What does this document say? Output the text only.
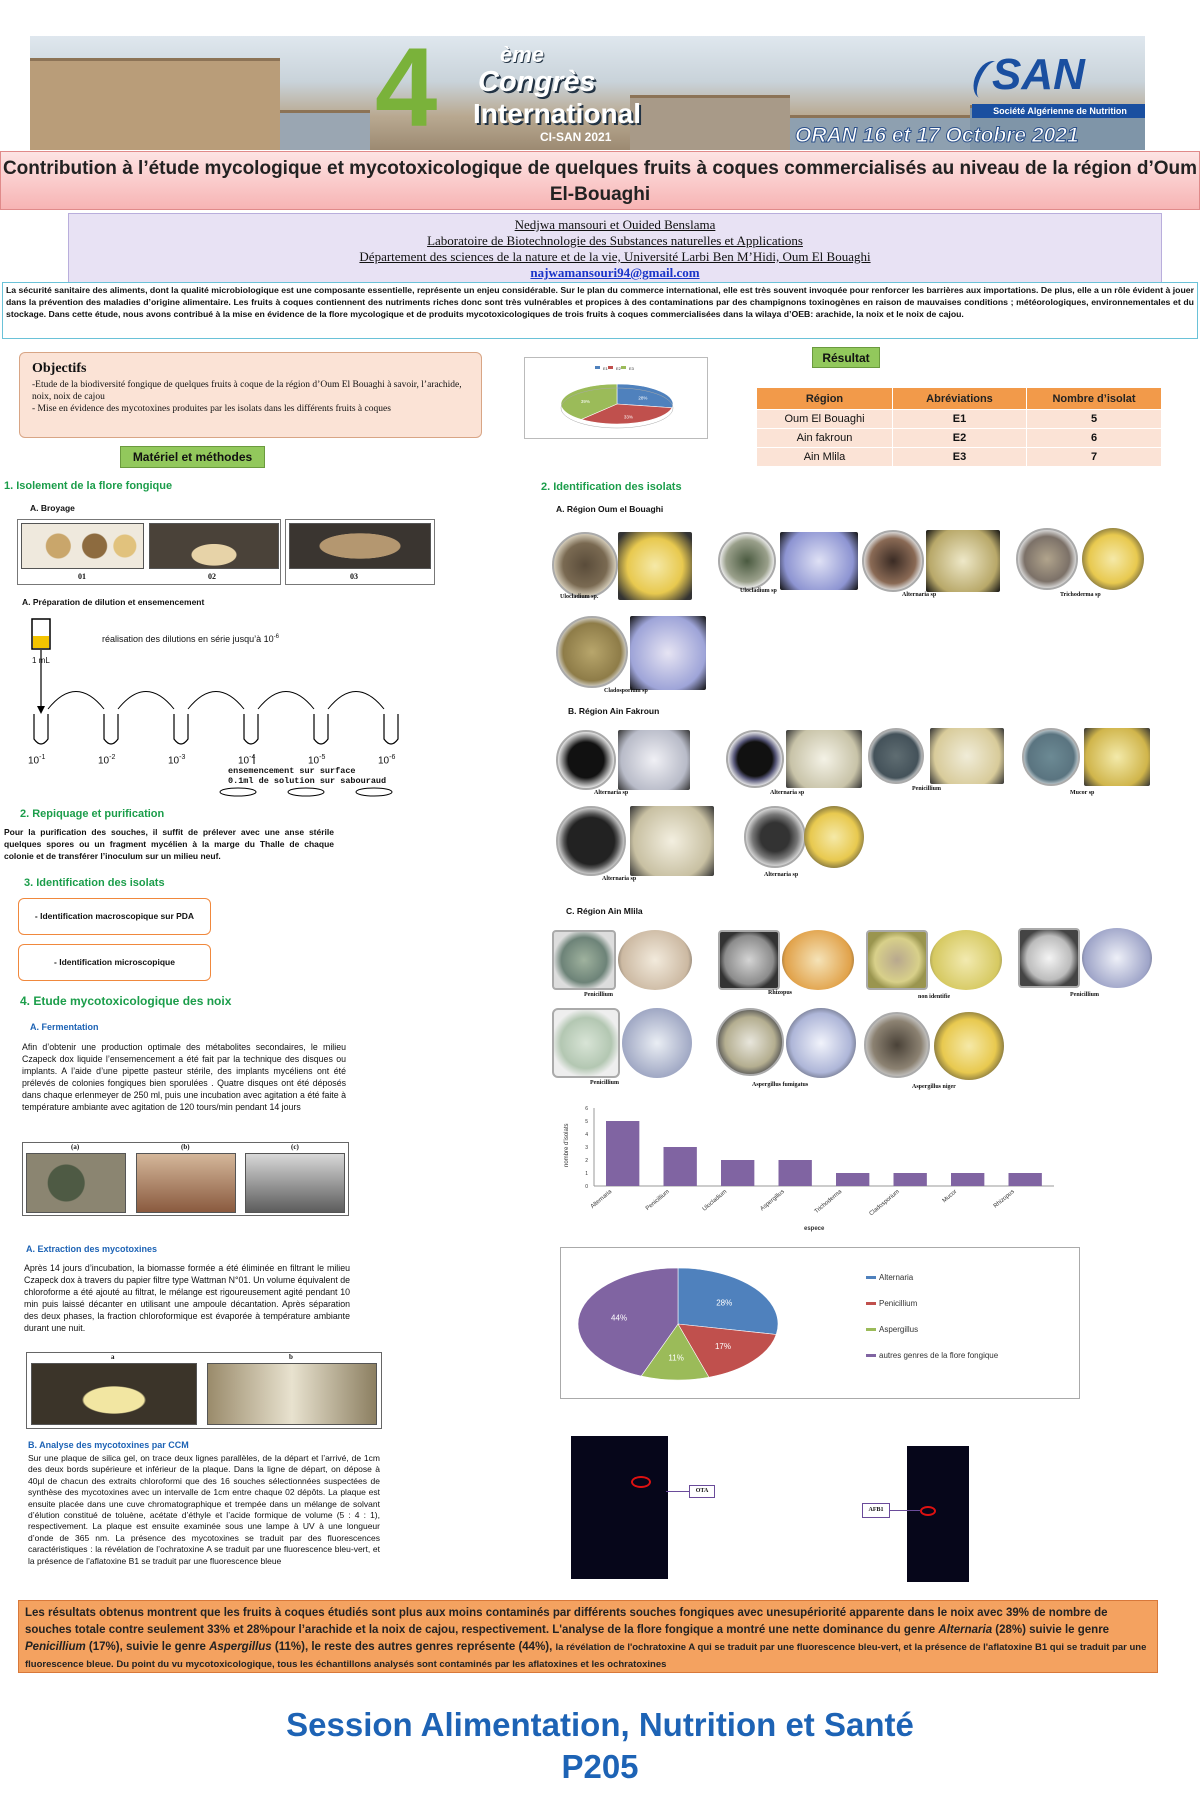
4	ème
Congrès
International
CI-SAN 2021
SAN
Société Algérienne de Nutrition
ORAN 16 et 17 Octobre 2021
Contribution à l’étude mycologique et mycotoxicologique de quelques fruits à coques commercialisés au niveau de la région d’Oum El-Bouaghi
Nedjwa mansouri et Ouided Benslama
Laboratoire de Biotechnologie des Substances naturelles et Applications
Département des sciences de la nature et de la vie, Université Larbi Ben M’Hidi, Oum El Bouaghi
najwamansouri94@gmail.com
La sécurité sanitaire des aliments, dont la qualité microbiologique est une composante essentielle, représente un enjeu considérable. Sur le plan du commerce international, elle est très souvent invoquée pour renforcer les barrières aux importations. De plus, elle a un rôle évident à jouer dans la prévention des maladies d’origine alimentaire. Les fruits à coques contiennent des nutriments riches donc sont très vulnérables et propices à des contaminations par des champignons toxinogènes en raison de mauvaises conditions ; météorologiques, environnementales et du stockage. Dans cette étude, nous avons contribué à la mise en évidence de la flore mycologique et de produits mycotoxicologiques de trois fruits à coques commercialisées dans la wilaya d’OEB: arachide, la noix et le noix de cajou.
Objectifs

-Etude de la biodiversité fongique de quelques fruits à coque de la région d’Oum El Bouaghi à savoir, l’arachide, noix, noix de cajou

- Mise en évidence des mycotoxines produites par les isolats dans les différents fruits à coques

Matériel et méthodes
1. Isolement de la flore fongique
A. Broyage
01	02	03
A. Préparation de dilution et ensemencement
1 mL
réalisation des dilutions en série jusqu’à $10^{-6}$
$10^{-1}$	$10^{-2}$	$10^{-3}$	$10^{-4}$	$10^{-5}$	$10^{-6}$
ensemencement sur surface
0.1ml de solution sur sabouraud
2. Repiquage et purification
Pour la purification des souches, il suffit de prélever avec une anse stérile quelques spores ou un fragment mycélien à la marge du Thalle de chaque colonie et de transférer l’inoculum sur un milieu neuf.
3. Identification des isolats
- Identification macroscopique sur PDA
- Identification microscopique
4. Etude mycotoxicologique des noix
A. Fermentation
Afin d’obtenir une production optimale des métabolites secondaires, le milieu Czapeck dox liquide l’ensemencement a été fait par la technique des disques ou implants. A l’aide d’une pipette pasteur stérile, des implants mycéliens ont été prélevés de colonies fongiques bien sporulées . Quatre disques ont été déposés dans chaque erlenmeyer de 250 ml, puis une incubation avec agitation a été faite à température ambiante avec agitation de 120 tours/min pendant 14 jours
(a)	(b)	(c)
A. Extraction des mycotoxines
Après 14 jours d’incubation, la biomasse formée a été éliminée en filtrant le milieu Czapeck dox à travers du papier filtre type Wattman N°01. Un volume équivalent de chloroforme a été ajouté au filtrat, le mélange est rigoureusement agité pendant 10 min puis laissé décanter en utilisant une ampoule décantation. Après séparation des deux phases, la fraction chloroformique est évaporée à température ambiante durant une nuit.
a	b
B. Analyse des mycotoxines par CCM
Sur une plaque de silica gel, on trace deux lignes parallèles, de la départ et l’arrivé, de 1cm des deux bords supérieure et inférieur de la plaque. Dans la ligne de départ, on dépose à 40µl de chacun des extraits chloroformi que des 16 souches sélectionnées suspectées de synthèse des mycotoxines avec un intervalle de 1cm entre chaque 02 dépôts. La plaque est ensuite placée dans une cuve chromatographique et trempée dans un mélange de solvant d’élution constitué de toluène, acétate d’éthyle et l’acide formique de volume (5 : 4 : 1), respectivement. La plaque est ensuite examinée sous une lampe à UV à une longueur d’onde de 365 nm. La présence des mycotoxines se traduit par des fluorescences caractéristiques : la révélation de l’ochratoxine A se traduit par une fluorescence bleu-vert, et la présence de l’aflatoxine B1 se traduit par une fluorescence bleue
Résultat
28%
33%
39%
E1 E2 E3
Région	Abréviations	Nombre d’isolat
Oum El Bouaghi	E1	5
Ain fakroun	E2	6
Ain Mlila	E3	7
2. Identification des isolats
A. Région Oum el Bouaghi
Ulocladium sp.
Ulocladium sp
Alternaria sp	Trichoderma sp
Cladosporium sp
B. Région Ain Fakroun
Alternaria sp	Alternaria sp
Penicillium
Mucor sp
Alternaria sp
Alternaria sp
C. Région Ain Mlila
Penicillium	Rhizopus
non identifie	Penicillium
Penicillium	Aspergillus fumigatus	Aspergillus niger
0
1
2
3
4
5
6
Alternaria	Penicillium	Ulocladium	Aspergillus	Trichoderma	Cladosporium	Mucor	Rhizopus
espece
nombre d'isolats
28%
17%
11%
44%
Alternaria
Penicillium
Aspergillus
autres genres de la flore fongique
OTA
AFB1
Les résultats obtenus montrent que les fruits à coques étudiés sont plus aux moins contaminés par différents souches fongiques avec unesupériorité apparente dans le noix avec 39% de nombre de souches totale contre seulement 33% et 28%pour l’arachide et la noix de cajou, respectivement. L'analyse de la flore fongique a montré une nette dominance du genre Alternaria (28%) suivie le genre Penicillium (17%), suivie le genre Aspergillus (11%), le reste des autres genres représente (44%), la révélation de l'ochratoxine A qui se traduit par une fluorescence bleu-vert, et la présence de l'aflatoxine B1 qui se traduit par une fluorescence bleue. Du point du vu mycotoxicologique, tous les échantillons analysés sont contaminés par les aflatoxines et les ochratoxines
Session Alimentation, Nutrition et Santé
P205
